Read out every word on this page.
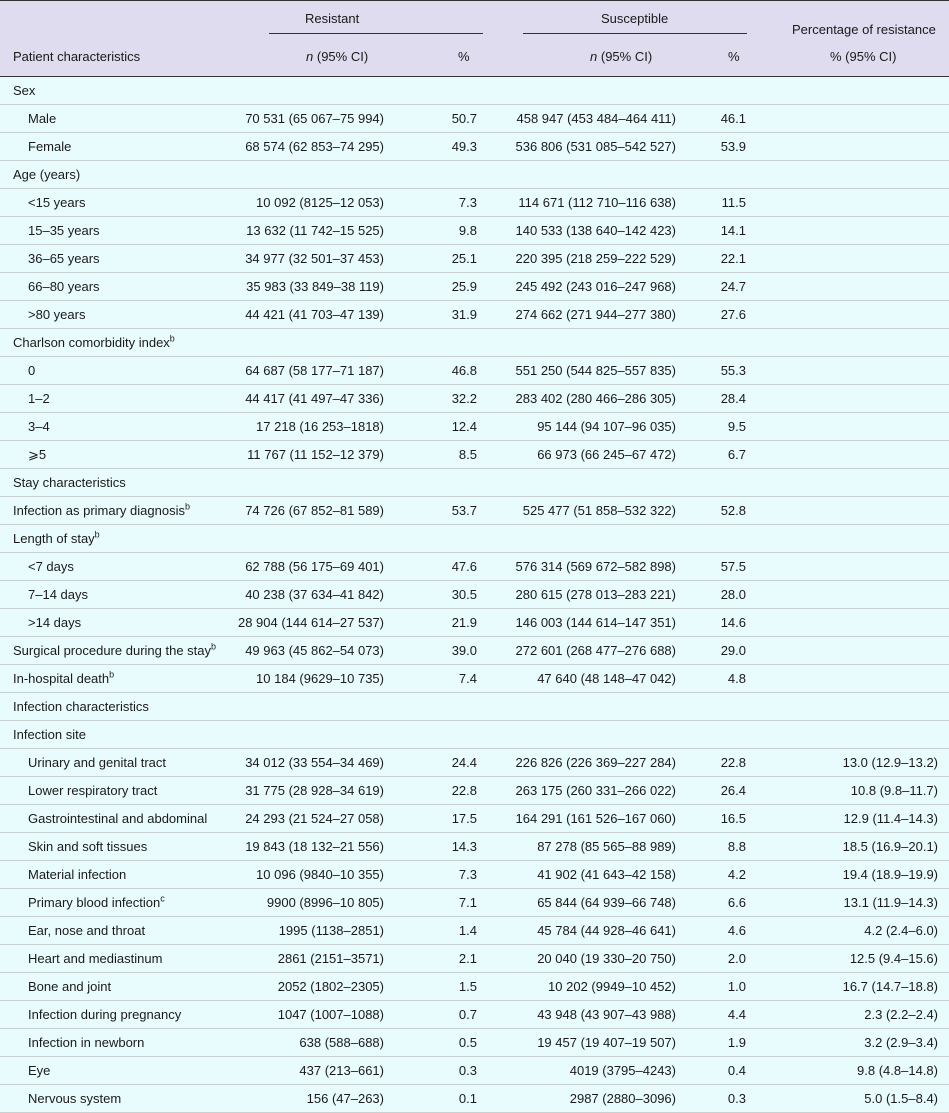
Resistant	Susceptible
Percentage of resistance
Patient characteristics	n (95% CI)	%	n (95% CI)	%	% (95% CI)
Sex
Male	70 531 (65 067–75 994)	50.7	458 947 (453 484–464 411)	46.1
Female	68 574 (62 853–74 295)	49.3	536 806 (531 085–542 527)	53.9
Age (years)
<15 years	10 092 (8125–12 053)	7.3	114 671 (112 710–116 638)	11.5
15–35 years	13 632 (11 742–15 525)	9.8	140 533 (138 640–142 423)	14.1
36–65 years	34 977 (32 501–37 453)	25.1	220 395 (218 259–222 529)	22.1
66–80 years	35 983 (33 849–38 119)	25.9	245 492 (243 016–247 968)	24.7
>80 years	44 421 (41 703–47 139)	31.9	274 662 (271 944–277 380)	27.6
Charlson comorbidity index$^b$
0	64 687 (58 177–71 187)	46.8	551 250 (544 825–557 835)	55.3
1–2	44 417 (41 497–47 336)	32.2	283 402 (280 466–286 305)	28.4
3–4	17 218 (16 253–1818)	12.4	95 144 (94 107–96 035)	9.5
⩾5	11 767 (11 152–12 379)	8.5	66 973 (66 245–67 472)	6.7
Stay characteristics
Infection as primary diagnosis$^b$	74 726 (67 852–81 589)	53.7	525 477 (51 858–532 322)	52.8
Length of stay$^b$
<7 days	62 788 (56 175–69 401)	47.6	576 314 (569 672–582 898)	57.5
7–14 days	40 238 (37 634–41 842)	30.5	280 615 (278 013–283 221)	28.0
>14 days	28 904 (144 614–27 537)	21.9	146 003 (144 614–147 351)	14.6
Surgical procedure during the stay$^b$	49 963 (45 862–54 073)	39.0	272 601 (268 477–276 688)	29.0
In-hospital death$^b$	10 184 (9629–10 735)	7.4	47 640 (48 148–47 042)	4.8
Infection characteristics
Infection site
Urinary and genital tract	34 012 (33 554–34 469)	24.4	226 826 (226 369–227 284)	22.8	13.0 (12.9–13.2)
Lower respiratory tract	31 775 (28 928–34 619)	22.8	263 175 (260 331–266 022)	26.4	10.8 (9.8–11.7)
Gastrointestinal and abdominal	24 293 (21 524–27 058)	17.5	164 291 (161 526–167 060)	16.5	12.9 (11.4–14.3)
Skin and soft tissues	19 843 (18 132–21 556)	14.3	87 278 (85 565–88 989)	8.8	18.5 (16.9–20.1)
Material infection	10 096 (9840–10 355)	7.3	41 902 (41 643–42 158)	4.2	19.4 (18.9–19.9)
Primary blood infection$^c$	9900 (8996–10 805)	7.1	65 844 (64 939–66 748)	6.6	13.1 (11.9–14.3)
Ear, nose and throat	1995 (1138–2851)	1.4	45 784 (44 928–46 641)	4.6	4.2 (2.4–6.0)
Heart and mediastinum	2861 (2151–3571)	2.1	20 040 (19 330–20 750)	2.0	12.5 (9.4–15.6)
Bone and joint	2052 (1802–2305)	1.5	10 202 (9949–10 452)	1.0	16.7 (14.7–18.8)
Infection during pregnancy	1047 (1007–1088)	0.7	43 948 (43 907–43 988)	4.4	2.3 (2.2–2.4)
Infection in newborn	638 (588–688)	0.5	19 457 (19 407–19 507)	1.9	3.2 (2.9–3.4)
Eye	437 (213–661)	0.3	4019 (3795–4243)	0.4	9.8 (4.8–14.8)
Nervous system	156 (47–263)	0.1	2987 (2880–3096)	0.3	5.0 (1.5–8.4)
